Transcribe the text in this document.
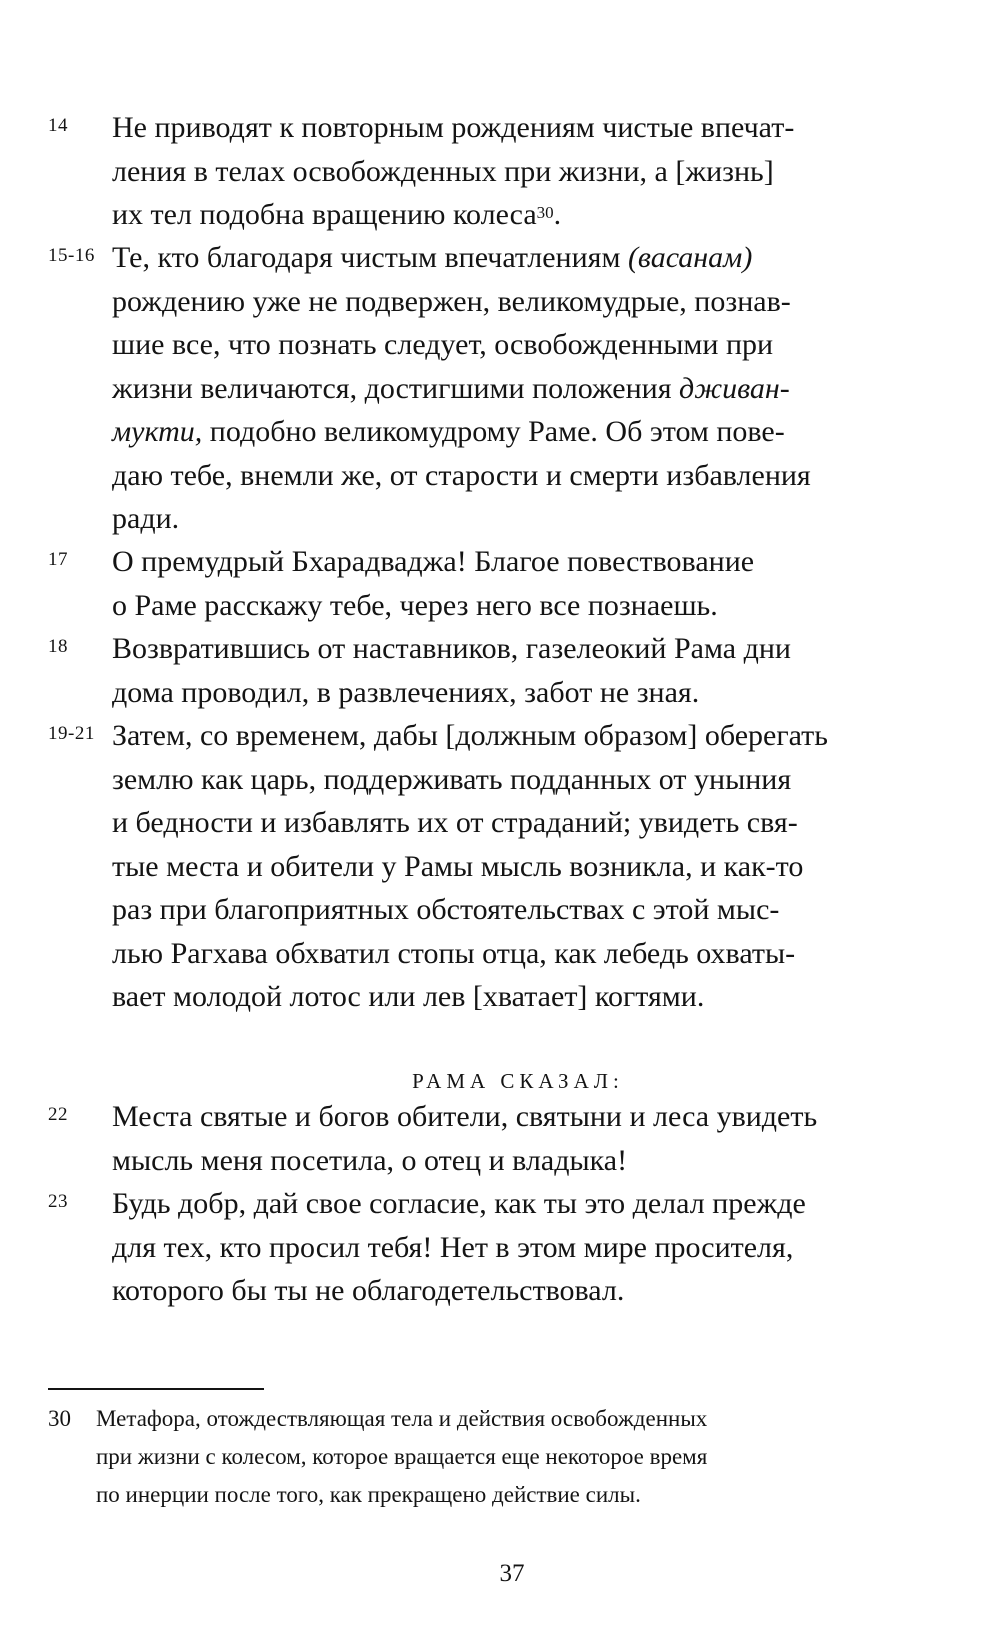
14 Не приводят к повторным рождениям чистые впечат-
ления в телах освобожденных при жизни, а [жизнь]
их тел подобна вращению колеса$^{30}$.
15-16 Те, кто благодаря чистым впечатлениям (васанам)
рождению уже не подвержен, великомудрые, познав-
шие все, что познать следует, освобожденными при
жизни величаются, достигшими положения дживан-
мукти, подобно великомудрому Раме. Об этом пове-
даю тебе, внемли же, от старости и смерти избавления
ради.
17 О премудрый Бхарадваджа! Благое повествование
о Раме расскажу тебе, через него все познаешь.
18 Возвратившись от наставников, газелеокий Рама дни
дома проводил, в развлечениях, забот не зная.
19-21 Затем, со временем, дабы [должным образом] оберегать
землю как царь, поддерживать подданных от уныния
и бедности и избавлять их от страданий; увидеть свя-
тые места и обители у Рамы мысль возникла, и как-то
раз при благоприятных обстоятельствах с этой мыс-
лью Рагхава обхватил стопы отца, как лебедь охваты-
вает молодой лотос или лев [хватает] когтями.
РАМА СКАЗАЛ:
22 Места святые и богов обители, святыни и леса увидеть
мысль меня посетила, о отец и владыка!
23 Будь добр, дай свое согласие, как ты это делал прежде
для тех, кто просил тебя! Нет в этом мире просителя,
которого бы ты не облагодетельствовал.
30 Метафора, отождествляющая тела и действия освобожденных
при жизни с колесом, которое вращается еще некоторое время
по инерции после того, как прекращено действие силы.
37
